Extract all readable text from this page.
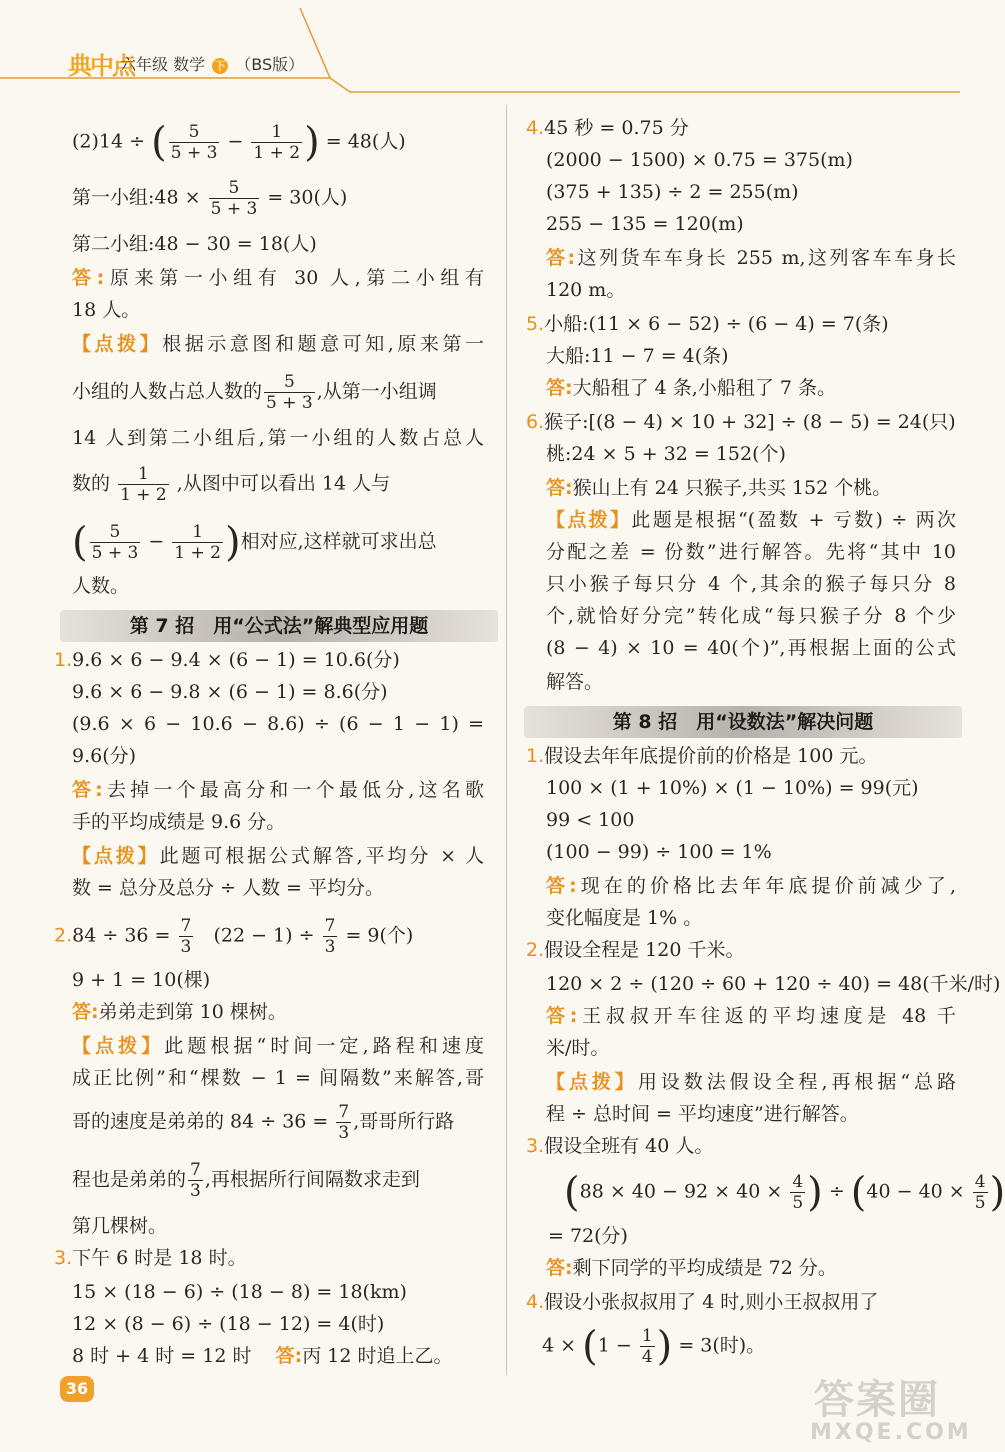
典中点
六年级 数学 下 （BS版）
(2)14 ÷ ( $\frac{5}{5 + 3} - \frac{1}{1 + 2}$ ) = 48(人)
第一小组:48 × $\frac{5}{5 + 3} = 30$(人)
第二小组:48 − 30 = 18(人)
答:原来第一小组有 30 人,第二小组有
18 人。
【点拨】根据示意图和题意可知,原来第一
小组的人数占总人数的 $\frac{5}{5 + 3}$ ,从第一小组调
14 人到第二小组后,第一小组的人数占总人
数的 $\frac{1}{1 + 2}$ ,从图中可以看出 14 人与
( $\frac{5}{5 + 3} - \frac{1}{1 + 2}$ )相对应,这样就可求出总
人数。
第 7 招　用“公式法”解典型应用题
1.9.6 × 6 − 9.4 × (6 − 1) = 10.6(分)
9.6 × 6 − 9.8 × (6 − 1) = 8.6(分)
(9.6 × 6 − 10.6 − 8.6) ÷ (6 − 1 − 1) =
9.6(分)
答:去掉一个最高分和一个最低分,这名歌
手的平均成绩是 9.6 分。
【点拨】此题可根据公式解答,平均分 × 人
数 = 总分及总分 ÷ 人数 = 平均分。
$2.84 \div 36 = \frac{7}{3} (22 - 1) \div \frac{7}{3} = 9$(个)
9 + 1 = 10(棵)
答:弟弟走到第 10 棵树。
【点拨】此题根据“时间一定,路程和速度
成正比例”和“棵数 − 1 = 间隔数”来解答,哥
哥的速度是弟弟的 $84 \div 36 = \frac{7}{3}$ ,哥哥所行路
程也是弟弟的 $\frac{7}{3}$ ,再根据所行间隔数求走到
第几棵树。
3.下午 6 时是 18 时。
15 × (18 − 6) ÷ (18 − 8) = 18(km)
12 × (8 − 6) ÷ (18 − 12) = 4(时)
8 时 + 4 时 = 12 时 答:丙 12 时追上乙。
4.45 秒 = 0.75 分
(2000 − 1500) × 0.75 = 375(m)
(375 + 135) ÷ 2 = 255(m)
255 − 135 = 120(m)
答:这列货车车身长 255 m,这列客车车身长
120 m。
5.小船:(11 × 6 − 52) ÷ (6 − 4) = 7(条)
大船:11 − 7 = 4(条)
答:大船租了 4 条,小船租了 7 条。
6.猴子:[(8 − 4) × 10 + 32] ÷ (8 − 5) = 24(只)
桃:24 × 5 + 32 = 152(个)
答:猴山上有 24 只猴子,共买 152 个桃。
【点拨】此题是根据“(盈数 + 亏数) ÷ 两次
分配之差 = 份数”进行解答。先将“其中 10
只小猴子每只分 4 个,其余的猴子每只分 8
个,就恰好分完”转化成“每只猴子分 8 个少
(8 − 4) × 10 = 40(个)”,再根据上面的公式
解答。
第 8 招　用“设数法”解决问题
1.假设去年年底提价前的价格是 100 元。
100 × (1 + 10%) × (1 − 10%) = 99(元)
99 < 100
(100 − 99) ÷ 100 = 1%
答:现在的价格比去年年底提价前减少了,
变化幅度是 1% 。
2.假设全程是 120 千米。
120 × 2 ÷ (120 ÷ 60 + 120 ÷ 40) = 48(千米/时)
答:王叔叔开车往返的平均速度是 48 千
米/时。
【点拨】用设数法假设全程,再根据“总路
程 ÷ 总时间 = 平均速度”进行解答。
3.假设全班有 40 人。
($88 \times 40 - 92 \times 40 \times \frac{4}{5}$ ) ÷ ($40 - 40 \times \frac{4}{5}$ )
= 72(分)
答:剩下同学的平均成绩是 72 分。
4.假设小张叔叔用了 4 时,则小王叔叔用了
$4 \times (1 - \frac{1}{4}$ ) = 3(时)。
36	答案圈
MXQE.COM
